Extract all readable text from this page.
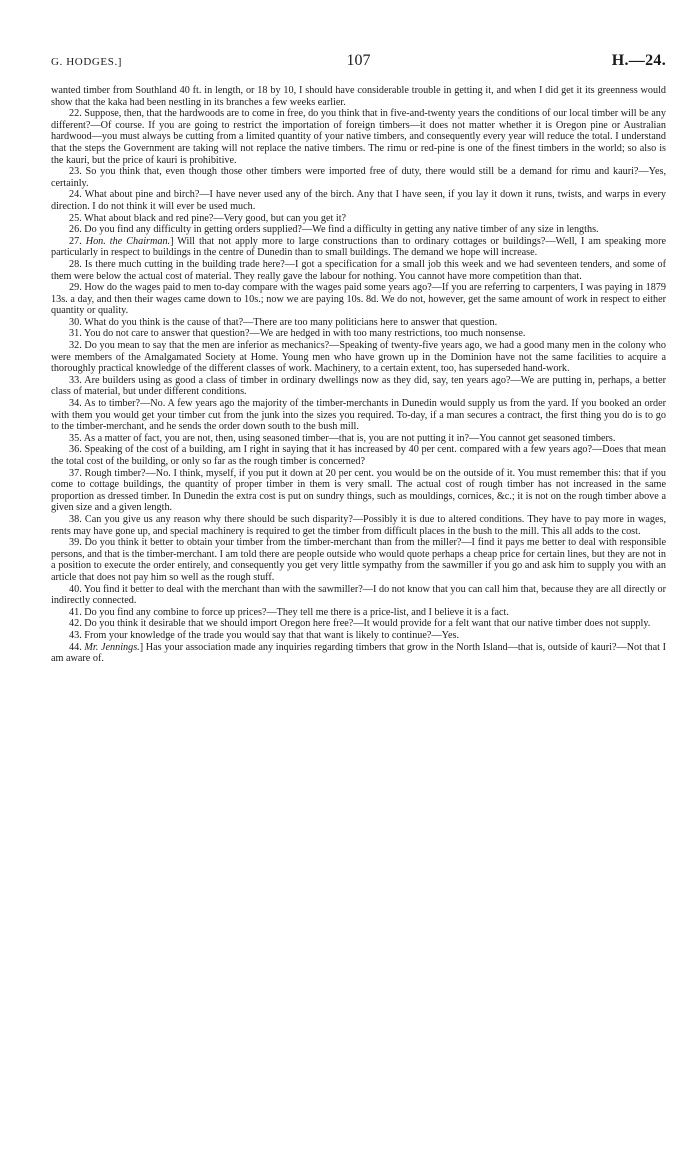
G. HODGES.]	107	H.—24.

wanted timber from Southland 40 ft. in length, or 18 by 10, I should have considerable trouble in getting it, and when I did get it its greenness would show that the kaka had been nestling in its branches a few weeks earlier.

22. Suppose, then, that the hardwoods are to come in free, do you think that in five-and-twenty years the conditions of our local timber will be any different?—Of course. If you are going to restrict the importation of foreign timbers—it does not matter whether it is Oregon pine or Australian hardwood—you must always be cutting from a limited quantity of your native timbers, and consequently every year will reduce the total. I understand that the steps the Government are taking will not replace the native timbers. The rimu or red-pine is one of the finest timbers in the world; so also is the kauri, but the price of kauri is prohibitive.

23. So you think that, even though those other timbers were imported free of duty, there would still be a demand for rimu and kauri?—Yes, certainly.

24. What about pine and birch?—I have never used any of the birch. Any that I have seen, if you lay it down it runs, twists, and warps in every direction. I do not think it will ever be used much.

25. What about black and red pine?—Very good, but can you get it?

26. Do you find any difficulty in getting orders supplied?—We find a difficulty in getting any native timber of any size in lengths.

27. Hon. the Chairman.] Will that not apply more to large constructions than to ordinary cottages or buildings?—Well, I am speaking more particularly in respect to buildings in the centre of Dunedin than to small buildings. The demand we hope will increase.

28. Is there much cutting in the building trade here?—I got a specification for a small job this week and we had seventeen tenders, and some of them were below the actual cost of material. They really gave the labour for nothing. You cannot have more competition than that.

29. How do the wages paid to men to-day compare with the wages paid some years ago?—If you are referring to carpenters, I was paying in 1879 13s. a day, and then their wages came down to 10s.; now we are paying 10s. 8d. We do not, however, get the same amount of work in respect to either quantity or quality.

30. What do you think is the cause of that?—There are too many politicians here to answer that question.

31. You do not care to answer that question?—We are hedged in with too many restrictions, too much nonsense.

32. Do you mean to say that the men are inferior as mechanics?—Speaking of twenty-five years ago, we had a good many men in the colony who were members of the Amalgamated Society at Home. Young men who have grown up in the Dominion have not the same facilities to acquire a thoroughly practical knowledge of the different classes of work. Machinery, to a certain extent, too, has superseded hand-work.

33. Are builders using as good a class of timber in ordinary dwellings now as they did, say, ten years ago?—We are putting in, perhaps, a better class of material, but under different conditions.

34. As to timber?—No. A few years ago the majority of the timber-merchants in Dunedin would supply us from the yard. If you booked an order with them you would get your timber cut from the junk into the sizes you required. To-day, if a man secures a contract, the first thing you do is to go to the timber-merchant, and he sends the order down south to the bush mill.

35. As a matter of fact, you are not, then, using seasoned timber—that is, you are not putting it in?—You cannot get seasoned timbers.

36. Speaking of the cost of a building, am I right in saying that it has increased by 40 per cent. compared with a few years ago?—Does that mean the total cost of the building, or only so far as the rough timber is concerned?

37. Rough timber?—No. I think, myself, if you put it down at 20 per cent. you would be on the outside of it. You must remember this: that if you come to cottage buildings, the quantity of proper timber in them is very small. The actual cost of rough timber has not increased in the same proportion as dressed timber. In Dunedin the extra cost is put on sundry things, such as mouldings, cornices, &c.; it is not on the rough timber above a given size and a given length.

38. Can you give us any reason why there should be such disparity?—Possibly it is due to altered conditions. They have to pay more in wages, rents may have gone up, and special machinery is required to get the timber from difficult places in the bush to the mill. This all adds to the cost.

39. Do you think it better to obtain your timber from the timber-merchant than from the miller?—I find it pays me better to deal with responsible persons, and that is the timber-merchant. I am told there are people outside who would quote perhaps a cheap price for certain lines, but they are not in a position to execute the order entirely, and consequently you get very little sympathy from the sawmiller if you go and ask him to supply you with an article that does not pay him so well as the rough stuff.

40. You find it better to deal with the merchant than with the sawmiller?—I do not know that you can call him that, because they are all directly or indirectly connected.

41. Do you find any combine to force up prices?—They tell me there is a price-list, and I believe it is a fact.

42. Do you think it desirable that we should import Oregon here free?—It would provide for a felt want that our native timber does not supply.

43. From your knowledge of the trade you would say that that want is likely to continue?—Yes.

44. Mr. Jennings.] Has your association made any inquiries regarding timbers that grow in the North Island—that is, outside of kauri?—Not that I am aware of.
